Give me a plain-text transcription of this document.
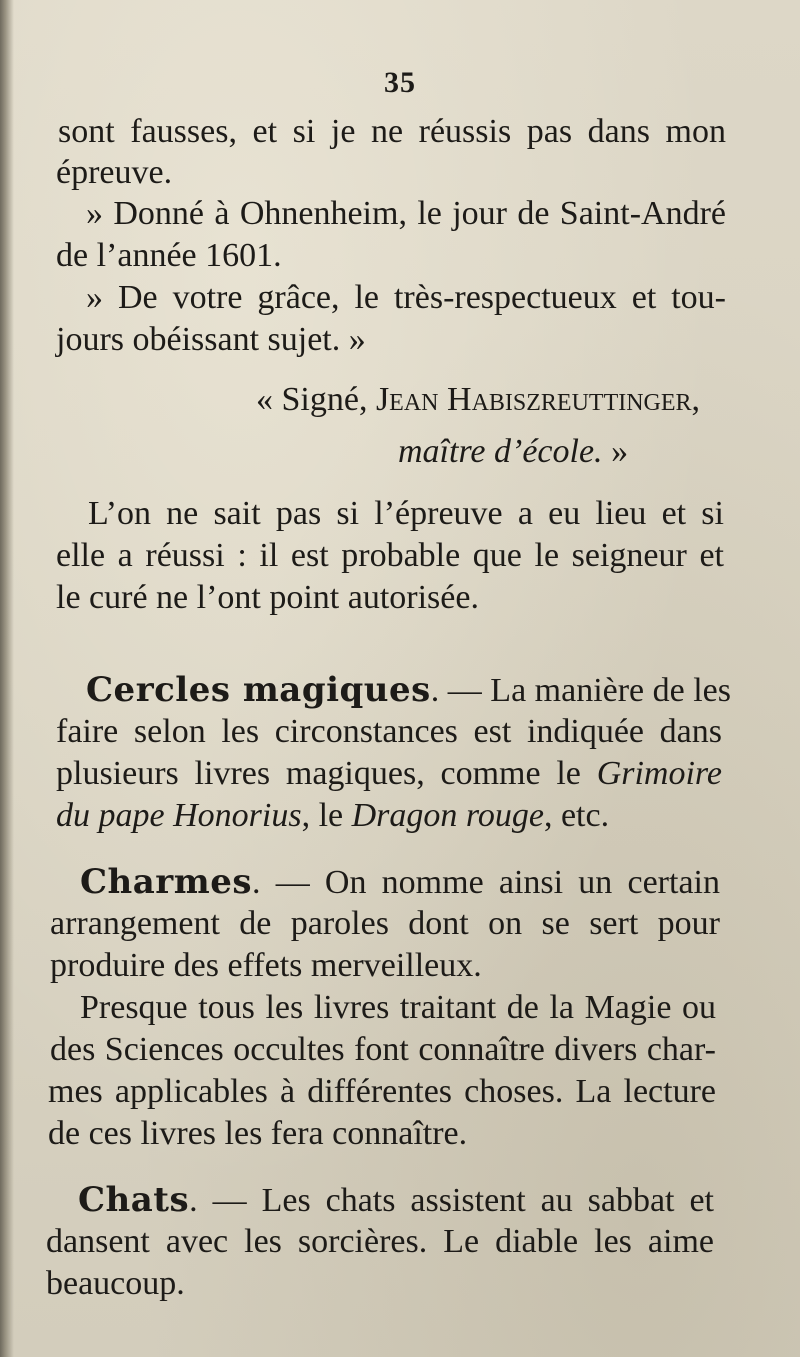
35
sont fausses, et si je ne réussis pas dans mon
épreuve.
» Donné à Ohnenheim, le jour de Saint-André
de l’année 1601.
» De votre grâce, le très-respectueux et tou-
jours obéissant sujet. »
« Signé, Jean Habiszreuttinger,
maître d’école. »
L’on ne sait pas si l’épreuve a eu lieu et si
elle a réussi : il est probable que le seigneur et
le curé ne l’ont point autorisée.
Cercles magiques. — La manière de les
faire selon les circonstances est indiquée dans
plusieurs livres magiques, comme le Grimoire
du pape Honorius, le Dragon rouge, etc.
Charmes. — On nomme ainsi un certain
arrangement de paroles dont on se sert pour
produire des effets merveilleux.
Presque tous les livres traitant de la Magie ou
des Sciences occultes font connaître divers char-
mes applicables à différentes choses. La lecture
de ces livres les fera connaître.
Chats. — Les chats assistent au sabbat et
dansent avec les sorcières. Le diable les aime
beaucoup.
